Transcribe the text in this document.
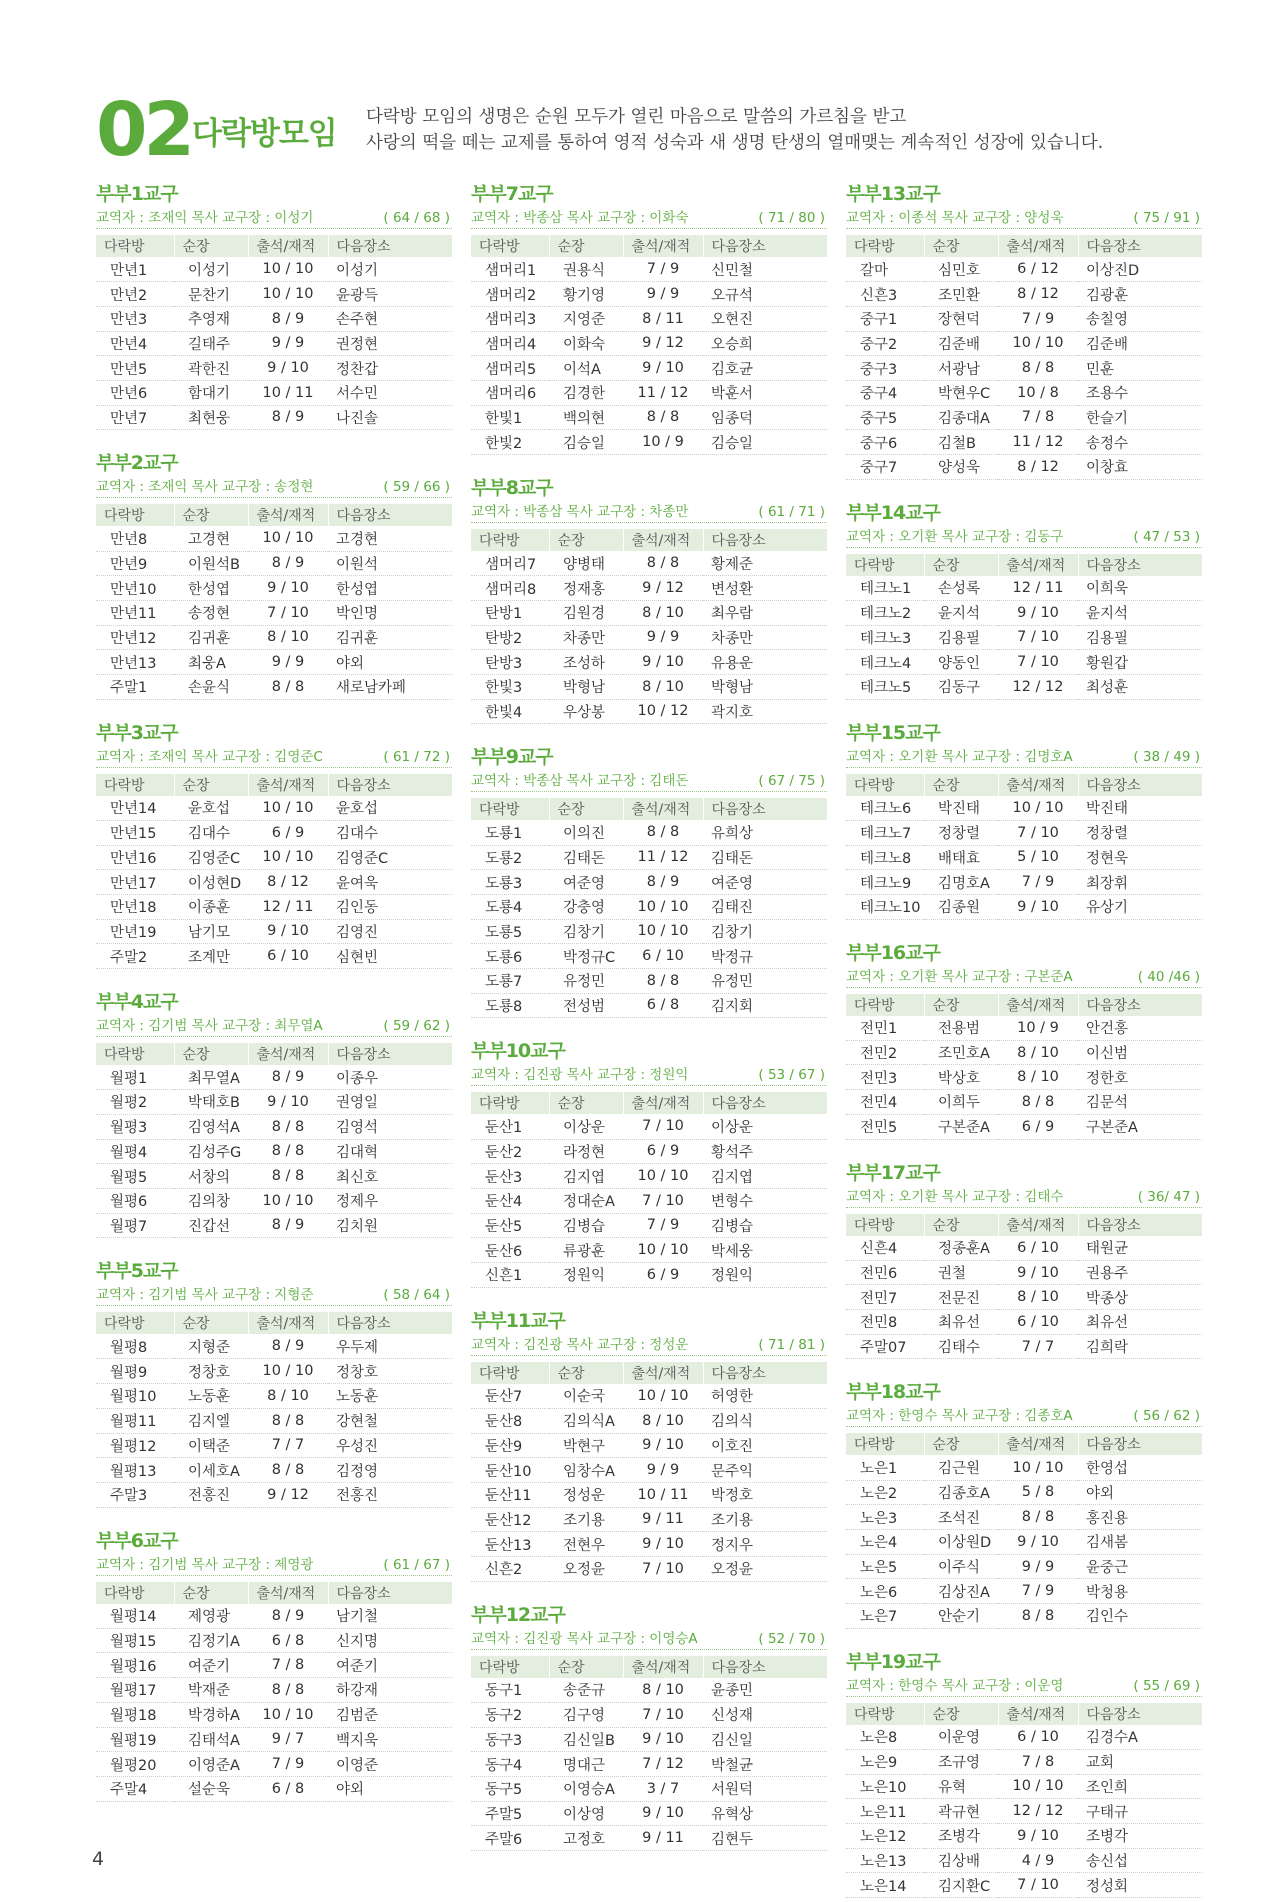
02 다락방모임 다락방 모임의 생명은 순원 모두가 열린 마음으로 말씀의 가르침을 받고
사랑의 떡을 떼는 교제를 통하여 영적 성숙과 새 생명 탄생의 열매맺는 계속적인 성장에 있습니다.
부부1교구
교역자 : 조재익 목사 교구장 : 이성기	( 64 / 68 )
다락방	순장	출석/재적	다음장소
만년1	이성기	10 / 10	이성기
만년2	문찬기	10 / 10	윤광득
만년3	추영재	8 / 9	손주현
만년4	길태주	9 / 9	권정현
만년5	곽한진	9 / 10	정찬갑
만년6	함대기	10 / 11	서수민
만년7	최현웅	8 / 9	나진솔
부부2교구
교역자 : 조재익 목사 교구장 : 송정현	( 59 / 66 )
다락방	순장	출석/재적	다음장소
만년8	고경현	10 / 10	고경현
만년9	이원석B	8 / 9	이원석
만년10	한성엽	9 / 10	한성엽
만년11	송정현	7 / 10	박인명
만년12	김귀훈	8 / 10	김귀훈
만년13	최웅A	9 / 9	야외
주말1	손윤식	8 / 8	새로남카페
부부3교구
교역자 : 조재익 목사 교구장 : 김영준C	( 61 / 72 )
다락방	순장	출석/재적	다음장소
만년14	윤호섭	10 / 10	윤호섭
만년15	김대수	6 / 9	김대수
만년16	김영준C	10 / 10	김영준C
만년17	이성현D	8 / 12	윤여욱
만년18	이종훈	12 / 11	김인동
만년19	남기모	9 / 10	김영진
주말2	조계만	6 / 10	심현빈
부부4교구
교역자 : 김기범 목사 교구장 : 최무열A	( 59 / 62 )
다락방	순장	출석/재적	다음장소
월평1	최무열A	8 / 9	이종우
월평2	박태호B	9 / 10	권영일
월평3	김영석A	8 / 8	김영석
월평4	김성주G	8 / 8	김대혁
월평5	서창의	8 / 8	최신호
월평6	김의창	10 / 10	정제우
월평7	진갑선	8 / 9	김치원
부부5교구
교역자 : 김기범 목사 교구장 : 지형준	( 58 / 64 )
다락방	순장	출석/재적	다음장소
월평8	지형준	8 / 9	우두제
월평9	정창호	10 / 10	정창호
월평10	노동훈	8 / 10	노동훈
월평11	김지엘	8 / 8	강현철
월평12	이택준	7 / 7	우성진
월평13	이세호A	8 / 8	김정영
주말3	전홍진	9 / 12	전홍진
부부6교구
교역자 : 김기범 목사 교구장 : 제영광	( 61 / 67 )
다락방	순장	출석/재적	다음장소
월평14	제영광	8 / 9	남기철
월평15	김정기A	6 / 8	신지명
월평16	여준기	7 / 8	여준기
월평17	박재준	8 / 8	하강재
월평18	박경하A	10 / 10	김범준
월평19	김태석A	9 / 7	백지욱
월평20	이영준A	7 / 9	이영준
주말4	설순욱	6 / 8	야외
부부7교구
교역자 : 박종삼 목사 교구장 : 이화숙	( 71 / 80 )
다락방	순장	출석/재적	다음장소
샘머리1	권용식	7 / 9	신민철
샘머리2	황기영	9 / 9	오규석
샘머리3	지영준	8 / 11	오현진
샘머리4	이화숙	9 / 12	오승희
샘머리5	이석A	9 / 10	김호균
샘머리6	김경한	11 / 12	박훈서
한빛1	백의현	8 / 8	임종덕
한빛2	김승일	10 / 9	김승일
부부8교구
교역자 : 박종삼 목사 교구장 : 차종만	( 61 / 71 )
다락방	순장	출석/재적	다음장소
샘머리7	양병태	8 / 8	황제준
샘머리8	정재홍	9 / 12	변성환
탄방1	김원경	8 / 10	최우람
탄방2	차종만	9 / 9	차종만
탄방3	조성하	9 / 10	유용운
한빛3	박형남	8 / 10	박형남
한빛4	우상봉	10 / 12	곽지호
부부9교구
교역자 : 박종삼 목사 교구장 : 김태돈	( 67 / 75 )
다락방	순장	출석/재적	다음장소
도룡1	이의진	8 / 8	유희상
도룡2	김태돈	11 / 12	김태돈
도룡3	여준영	8 / 9	여준영
도룡4	강충영	10 / 10	김태진
도룡5	김창기	10 / 10	김창기
도룡6	박정규C	6 / 10	박정규
도룡7	유정민	8 / 8	유정민
도룡8	전성범	6 / 8	김지회
부부10교구
교역자 : 김진광 목사 교구장 : 정원익	( 53 / 67 )
다락방	순장	출석/재적	다음장소
둔산1	이상운	7 / 10	이상운
둔산2	라정현	6 / 9	황석주
둔산3	김지엽	10 / 10	김지엽
둔산4	정대순A	7 / 10	변형수
둔산5	김병습	7 / 9	김병습
둔산6	류광훈	10 / 10	박세웅
신흔1	정원익	6 / 9	정원익
부부11교구
교역자 : 김진광 목사 교구장 : 정성운	( 71 / 81 )
다락방	순장	출석/재적	다음장소
둔산7	이순국	10 / 10	허영한
둔산8	김의식A	8 / 10	김의식
둔산9	박현구	9 / 10	이호진
둔산10	임창수A	9 / 9	문주익
둔산11	정성운	10 / 11	박정호
둔산12	조기용	9 / 11	조기용
둔산13	전현우	9 / 10	정지우
신흔2	오정윤	7 / 10	오정윤
부부12교구
교역자 : 김진광 목사 교구장 : 이영승A	( 52 / 70 )
다락방	순장	출석/재적	다음장소
동구1	송준규	8 / 10	윤종민
동구2	김구영	7 / 10	신성재
동구3	김신일B	9 / 10	김신일
동구4	명대근	7 / 12	박철균
동구5	이영승A	3 / 7	서원덕
주말5	이상영	9 / 10	유혁상
주말6	고정호	9 / 11	김현두
부부13교구
교역자 : 이종석 목사 교구장 : 양성욱	( 75 / 91 )
다락방	순장	출석/재적	다음장소
갈마	심민호	6 / 12	이상진D
신흔3	조민환	8 / 12	김광훈
중구1	장현덕	7 / 9	송칠영
중구2	김준배	10 / 10	김준배
중구3	서광남	8 / 8	민훈
중구4	박현우C	10 / 8	조용수
중구5	김종대A	7 / 8	한슬기
중구6	김철B	11 / 12	송정수
중구7	양성욱	8 / 12	이창효
부부14교구
교역자 : 오기환 목사 교구장 : 김동구	( 47 / 53 )
다락방	순장	출석/재적	다음장소
테크노1	손성록	12 / 11	이희욱
테크노2	윤지석	9 / 10	윤지석
테크노3	김용필	7 / 10	김용필
테크노4	양동인	7 / 10	황원갑
테크노5	김동구	12 / 12	최성훈
부부15교구
교역자 : 오기환 목사 교구장 : 김명호A	( 38 / 49 )
다락방	순장	출석/재적	다음장소
테크노6	박진태	10 / 10	박진태
테크노7	정창렬	7 / 10	정창렬
테크노8	배태효	5 / 10	정현욱
테크노9	김명호A	7 / 9	최장휘
테크노10	김종원	9 / 10	유상기
부부16교구
교역자 : 오기환 목사 교구장 : 구본준A	( 40 /46 )
다락방	순장	출석/재적	다음장소
전민1	전용범	10 / 9	안건홍
전민2	조민호A	8 / 10	이신범
전민3	박상호	8 / 10	정한호
전민4	이희두	8 / 8	김문석
전민5	구본준A	6 / 9	구본준A
부부17교구
교역자 : 오기환 목사 교구장 : 김태수	( 36/ 47 )
다락방	순장	출석/재적	다음장소
신흔4	정종훈A	6 / 10	태원균
전민6	권철	9 / 10	권용주
전민7	전문진	8 / 10	박종상
전민8	최유선	6 / 10	최유선
주말07	김태수	7 / 7	김희락
부부18교구
교역자 : 한영수 목사 교구장 : 김종호A	( 56 / 62 )
다락방	순장	출석/재적	다음장소
노은1	김근원	10 / 10	한영섭
노은2	김종호A	5 / 8	야외
노은3	조석진	8 / 8	홍진용
노은4	이상원D	9 / 10	김새봄
노은5	이주식	9 / 9	윤중근
노은6	김상진A	7 / 9	박청용
노은7	안순기	8 / 8	김인수
부부19교구
교역자 : 한영수 목사 교구장 : 이운영	( 55 / 69 )
다락방	순장	출석/재적	다음장소
노은8	이운영	6 / 10	김경수A
노은9	조규영	7 / 8	교회
노은10	유혁	10 / 10	조인희
노은11	곽규현	12 / 12	구태규
노은12	조병각	9 / 10	조병각
노은13	김상배	4 / 9	송신섭
노은14	김지환C	7 / 10	정성회
4
